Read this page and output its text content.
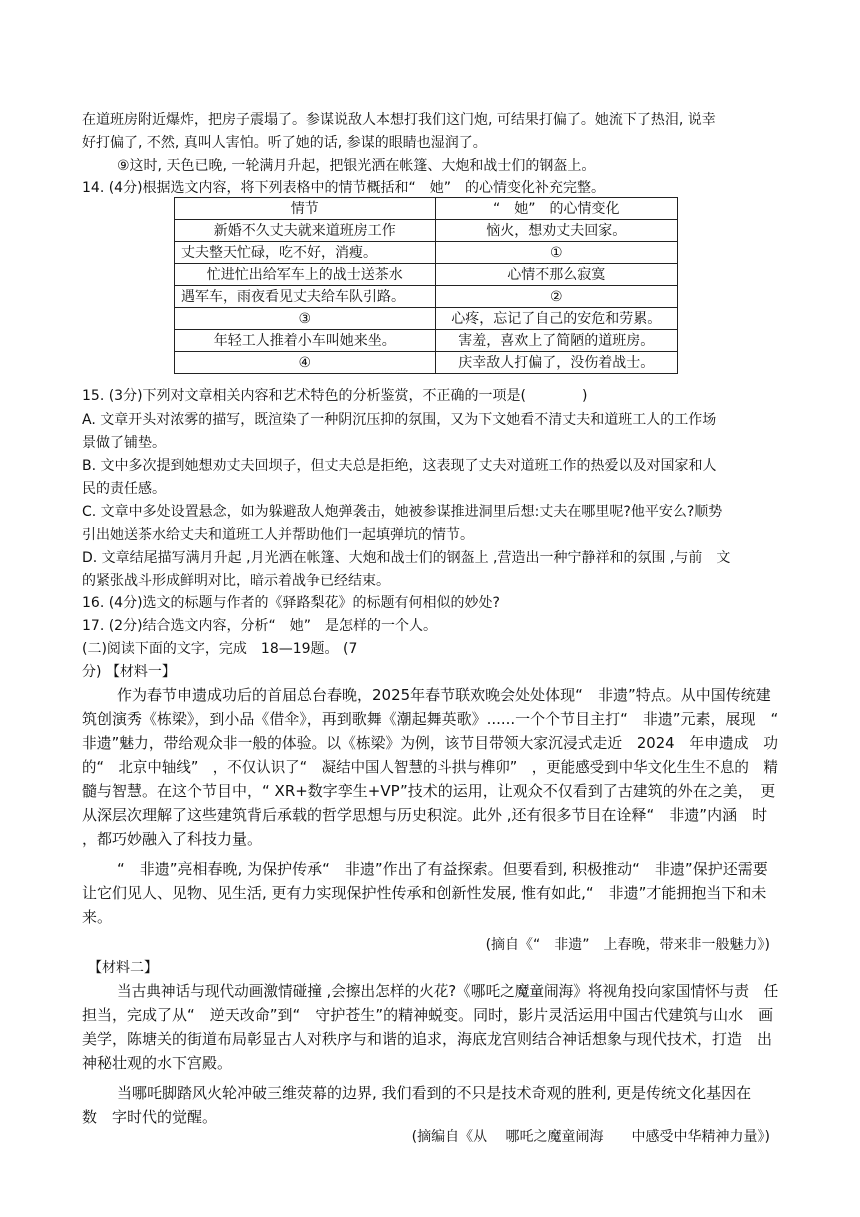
在道班房附近爆炸，把房子震塌了。参谋说敌人本想打我们这门炮, 可结果打偏了。她流下了热泪, 说幸
好打偏了, 不然, 真叫人害怕。听了她的话, 参谋的眼睛也湿润了。
⑨这时, 天色已晚, 一轮满月升起，把银光洒在帐篷、大炮和战士们的钢盔上。
14. (4分)根据选文内容，将下列表格中的情节概括和“　她”　的心情变化补充完整。
情节	“　她”　的心情变化
新婚不久丈夫就来道班房工作	恼火，想劝丈夫回家。
丈夫整天忙碌，吃不好，消瘦。	①
忙进忙出给军车上的战士送茶水	心情不那么寂寞
遇军车，雨夜看见丈夫给车队引路。	②
③	心疼，忘记了自己的安危和劳累。
年轻工人推着小车叫她来坐。	害羞，喜欢上了简陋的道班房。
④	庆幸敌人打偏了，没伤着战士。
15. (3分)下列对文章相关内容和艺术特色的分析鉴赏，不正确的一项是(　　　　)
A. 文章开头对浓雾的描写，既渲染了一种阴沉压抑的氛围，又为下文她看不清丈夫和道班工人的工作场
景做了铺垫。
B. 文中多次提到她想劝丈夫回坝子，但丈夫总是拒绝，这表现了丈夫对道班工作的热爱以及对国家和人
民的责任感。
C. 文章中多处设置悬念，如为躲避敌人炮弹袭击，她被参谋推进洞里后想:丈夫在哪里呢?他平安么?顺势
引出她送茶水给丈夫和道班工人并帮助他们一起填弹坑的情节。
D. 文章结尾描写满月升起 ,月光洒在帐篷、大炮和战士们的钢盔上 ,营造出一种宁静祥和的氛围 ,与前　文
的紧张战斗形成鲜明对比，暗示着战争已经结束。
16. (4分)选文的标题与作者的《驿路梨花》的标题有何相似的妙处?
17. (2分)结合选文内容，分析“　她”　是怎样的一个人。
(二)阅读下面的文字，完成　18—19题。 (7
分) 【材料一】
作为春节申遗成功后的首届总台春晚，2025年春节联欢晚会处处体现“　非遗”特点。从中国传统建
筑创演秀《栋梁》，到小品《借伞》，再到歌舞《潮起舞英歌》......一个个节目主打“　非遗”元素，展现　“
非遗”魅力，带给观众非一般的体验。以《栋梁》为例，该节目带领大家沉浸式走近　2024　年申遗成　功
的“　北京中轴线”　，不仅认识了“　凝结中国人智慧的斗拱与榫卯”　，更能感受到中华文化生生不息的　精
髓与智慧。在这个节目中，“ XR+数字孪生+VP”技术的运用，让观众不仅看到了古建筑的外在之美，　更
从深层次理解了这些建筑背后承载的哲学思想与历史积淀。此外 ,还有很多节目在诠释“　非遗”内涵　时
，都巧妙融入了科技力量。
“　非遗”亮相春晚, 为保护传承“　非遗”作出了有益探索。但要看到, 积极推动“　非遗”保护还需要
让它们见人、见物、见生活, 更有力实现保护性传承和创新性发展, 惟有如此,“　非遗”才能拥抱当下和未
来。
(摘自《“　非遗”　上春晚，带来非一般魅力》)
【材料二】
当古典神话与现代动画激情碰撞 ,会擦出怎样的火花?《哪吒之魔童闹海》将视角投向家国情怀与责　任
担当，完成了从“　逆天改命”到“　守护苍生”的精神蜕变。同时，影片灵活运用中国古代建筑与山水　画
美学，陈塘关的街道布局彰显古人对秩序与和谐的追求，海底龙宫则结合神话想象与现代技术，打造　出
神秘壮观的水下宫殿。
当哪吒脚踏风火轮冲破三维荧幕的边界, 我们看到的不只是技术奇观的胜利, 更是传统文化基因在
数　字时代的觉醒。
(摘编自《从　 哪吒之魔童闹海　　中感受中华精神力量》)
